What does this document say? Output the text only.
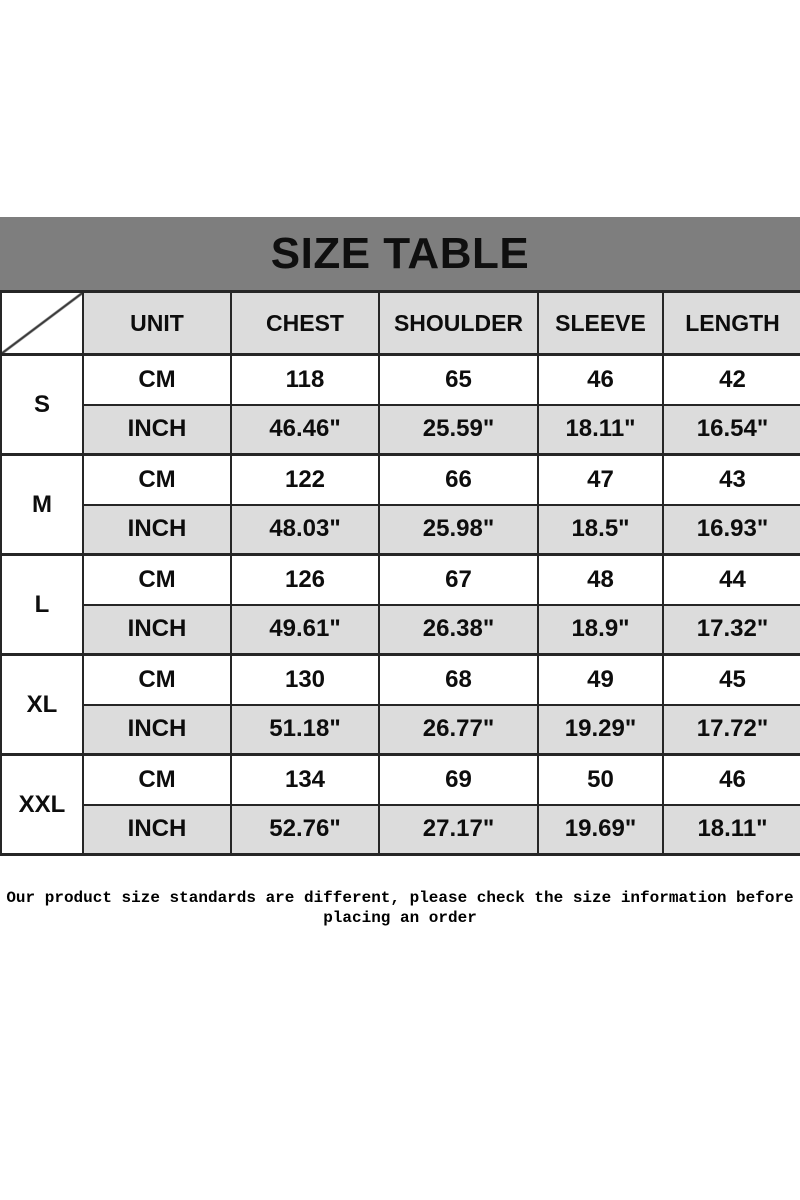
SIZE TABLE
	UNIT	CHEST	SHOULDER	SLEEVE	LENGTH
S	CM	118	65	46	42
	INCH	46.46"	25.59"	18.11"	16.54"
M	CM	122	66	47	43
	INCH	48.03"	25.98"	18.5"	16.93"
L	CM	126	67	48	44
	INCH	49.61"	26.38"	18.9"	17.32"
XL	CM	130	68	49	45
	INCH	51.18"	26.77"	19.29"	17.72"
XXL	CM	134	69	50	46
	INCH	52.76"	27.17"	19.69"	18.11"
Our product size standards are different, please check the size information before
placing an order
